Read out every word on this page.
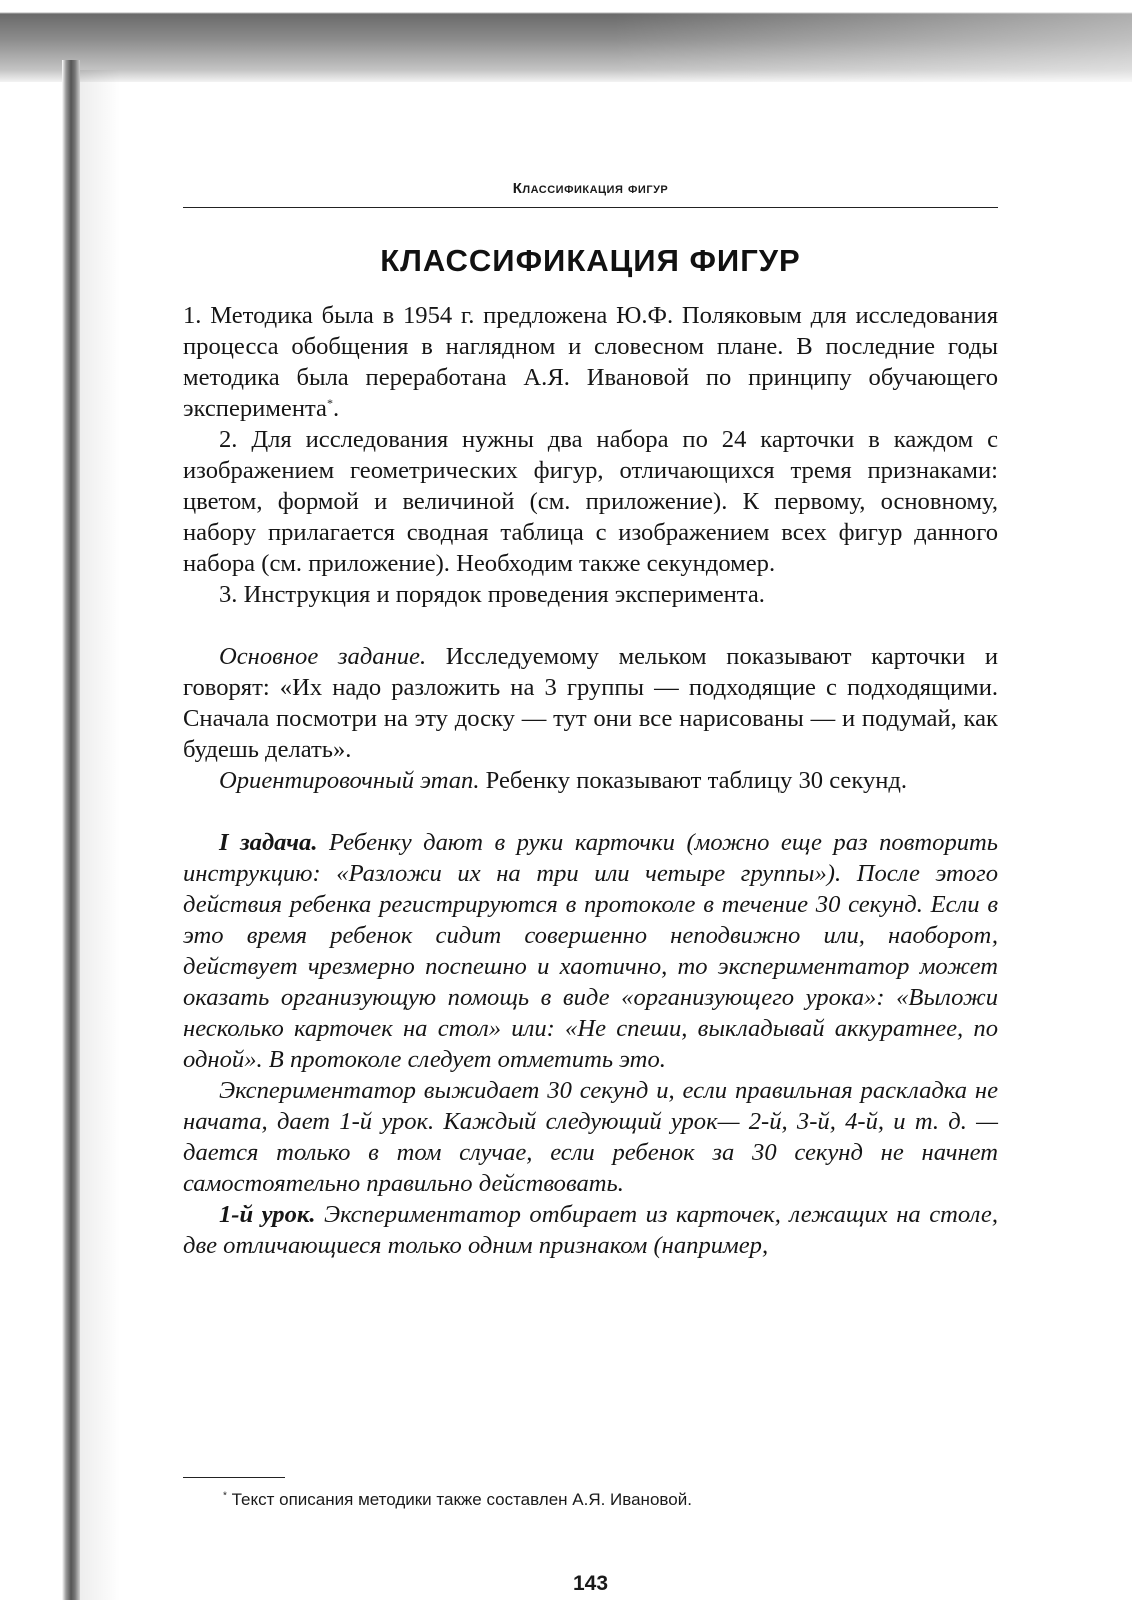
Классификация фигур
КЛАССИФИКАЦИЯ ФИГУР

1. Методика была в 1954 г. предложена Ю.Ф. Поляковым для исследования процесса обобщения в наглядном и словесном плане. В последние годы методика была переработана А.Я. Ивановой по принципу обучающего эксперимента*.

2. Для исследования нужны два набора по 24 карточки в каждом с изображением геометрических фигур, отличающихся тремя признаками: цветом, формой и величиной (см. приложение). К первому, основному, набору прилагается сводная таблица с изображением всех фигур данного набора (см. приложение). Необходим также секундомер.

3. Инструкция и порядок проведения эксперимента.

Основное задание. Исследуемому мельком показывают карточки и говорят: «Их надо разложить на 3 группы — подходящие с подходящими. Сначала посмотри на эту доску — тут они все нарисованы — и подумай, как будешь делать».

Ориентировочный этап. Ребенку показывают таблицу 30 секунд.

I задача. Ребенку дают в руки карточки (можно еще раз повторить инструкцию: «Разложи их на три или четыре группы»). После этого действия ребенка регистрируются в протоколе в течение 30 секунд. Если в это время ребенок сидит совершенно неподвижно или, наоборот, действует чрезмерно поспешно и хаотично, то экспериментатор может оказать организующую помощь в виде «организующего урока»: «Выложи несколько карточек на стол» или: «Не спеши, выкладывай аккуратнее, по одной». В протоколе следует отметить это.

Экспериментатор выжидает 30 секунд и, если правильная раскладка не начата, дает 1-й урок. Каждый следующий урок— 2-й, 3-й, 4-й, и т. д. — дается только в том случае, если ребенок за 30 секунд не начнет самостоятельно правильно действовать.

1-й урок. Экспериментатор отбирает из карточек, лежащих на столе, две отличающиеся только одним признаком (например,

* Текст описания методики также составлен А.Я. Ивановой.
143
